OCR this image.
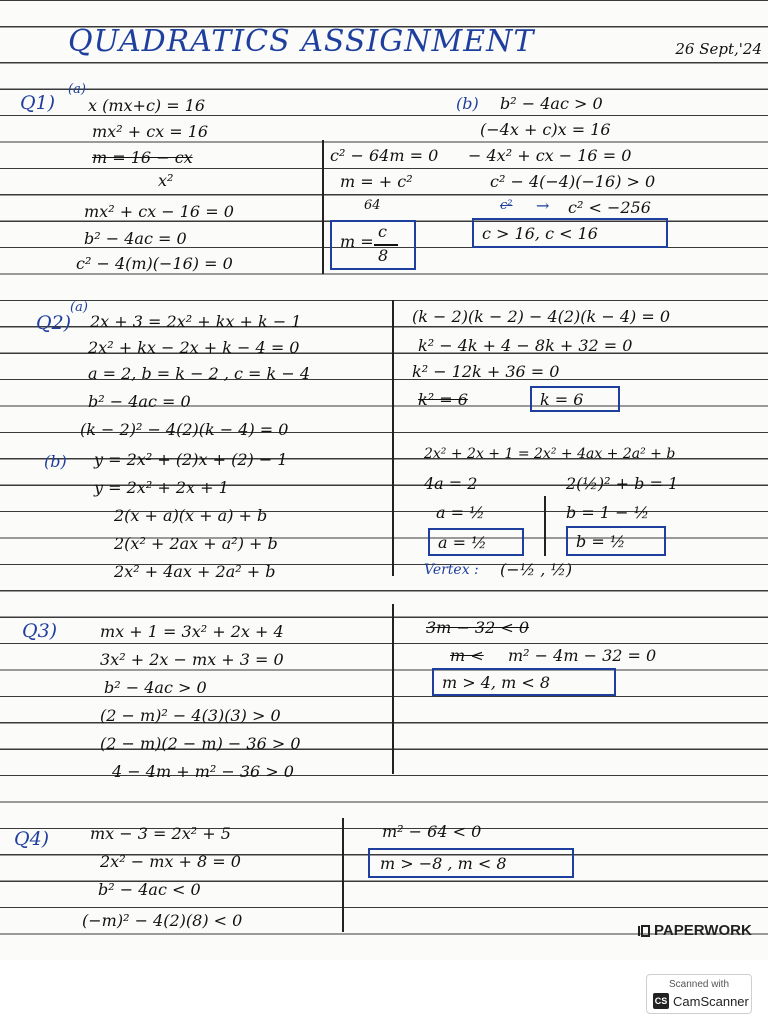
QUADRATICS ASSIGNMENT	26 Sept,'24
Q1)
(a)
x (mx+c) = 16
mx² + cx = 16
m = 16 − cx
x²
mx² + cx − 16 = 0
b² − 4ac = 0
c² − 4(m)(−16) = 0
c² − 64m = 0
m = + c²
64
m =
c
8
(b) b² − 4ac > 0
(−4x + c)x = 16
− 4x² + cx − 16 = 0
c² − 4(−4)(−16) > 0
c² → c² < −256
c > 16, c < 16
Q2)
(a)
2x + 3 = 2x² + kx + k − 1
2x² + kx − 2x + k − 4 = 0
a = 2, b = k − 2 , c = k − 4
b² − 4ac = 0
(k − 2)² − 4(2)(k − 4) = 0
(k − 2)(k − 2) − 4(2)(k − 4) = 0
k² − 4k + 4 − 8k + 32 = 0
k² − 12k + 36 = 0
k² = 6	k = 6
(b) y = 2x² + (2)x + (2) − 1
y = 2x² + 2x + 1
2(x + a)(x + a) + b
2(x² + 2ax + a²) + b
2x² + 4ax + 2a² + b
2x² + 2x + 1 = 2x² + 4ax + 2a² + b
4a = 2
a = ½
2(½)² + b = 1
b = 1 − ½
a = ½	b = ½
Vertex : (−½ , ½)
Q3)	mx + 1 = 3x² + 2x + 4
3x² + 2x − mx + 3 = 0
b² − 4ac > 0
(2 − m)² − 4(3)(3) > 0
(2 − m)(2 − m) − 36 > 0
4 − 4m + m² − 36 > 0
3m − 32 < 0
m < m² − 4m − 32 = 0
m > 4, m < 8
Q4)	mx − 3 = 2x² + 5
2x² − mx + 8 = 0
b² − 4ac < 0
(−m)² − 4(2)(8) < 0
m² − 64 < 0
m > −8 , m < 8
PAPERWORK
Scanned with
CS CamScanner
